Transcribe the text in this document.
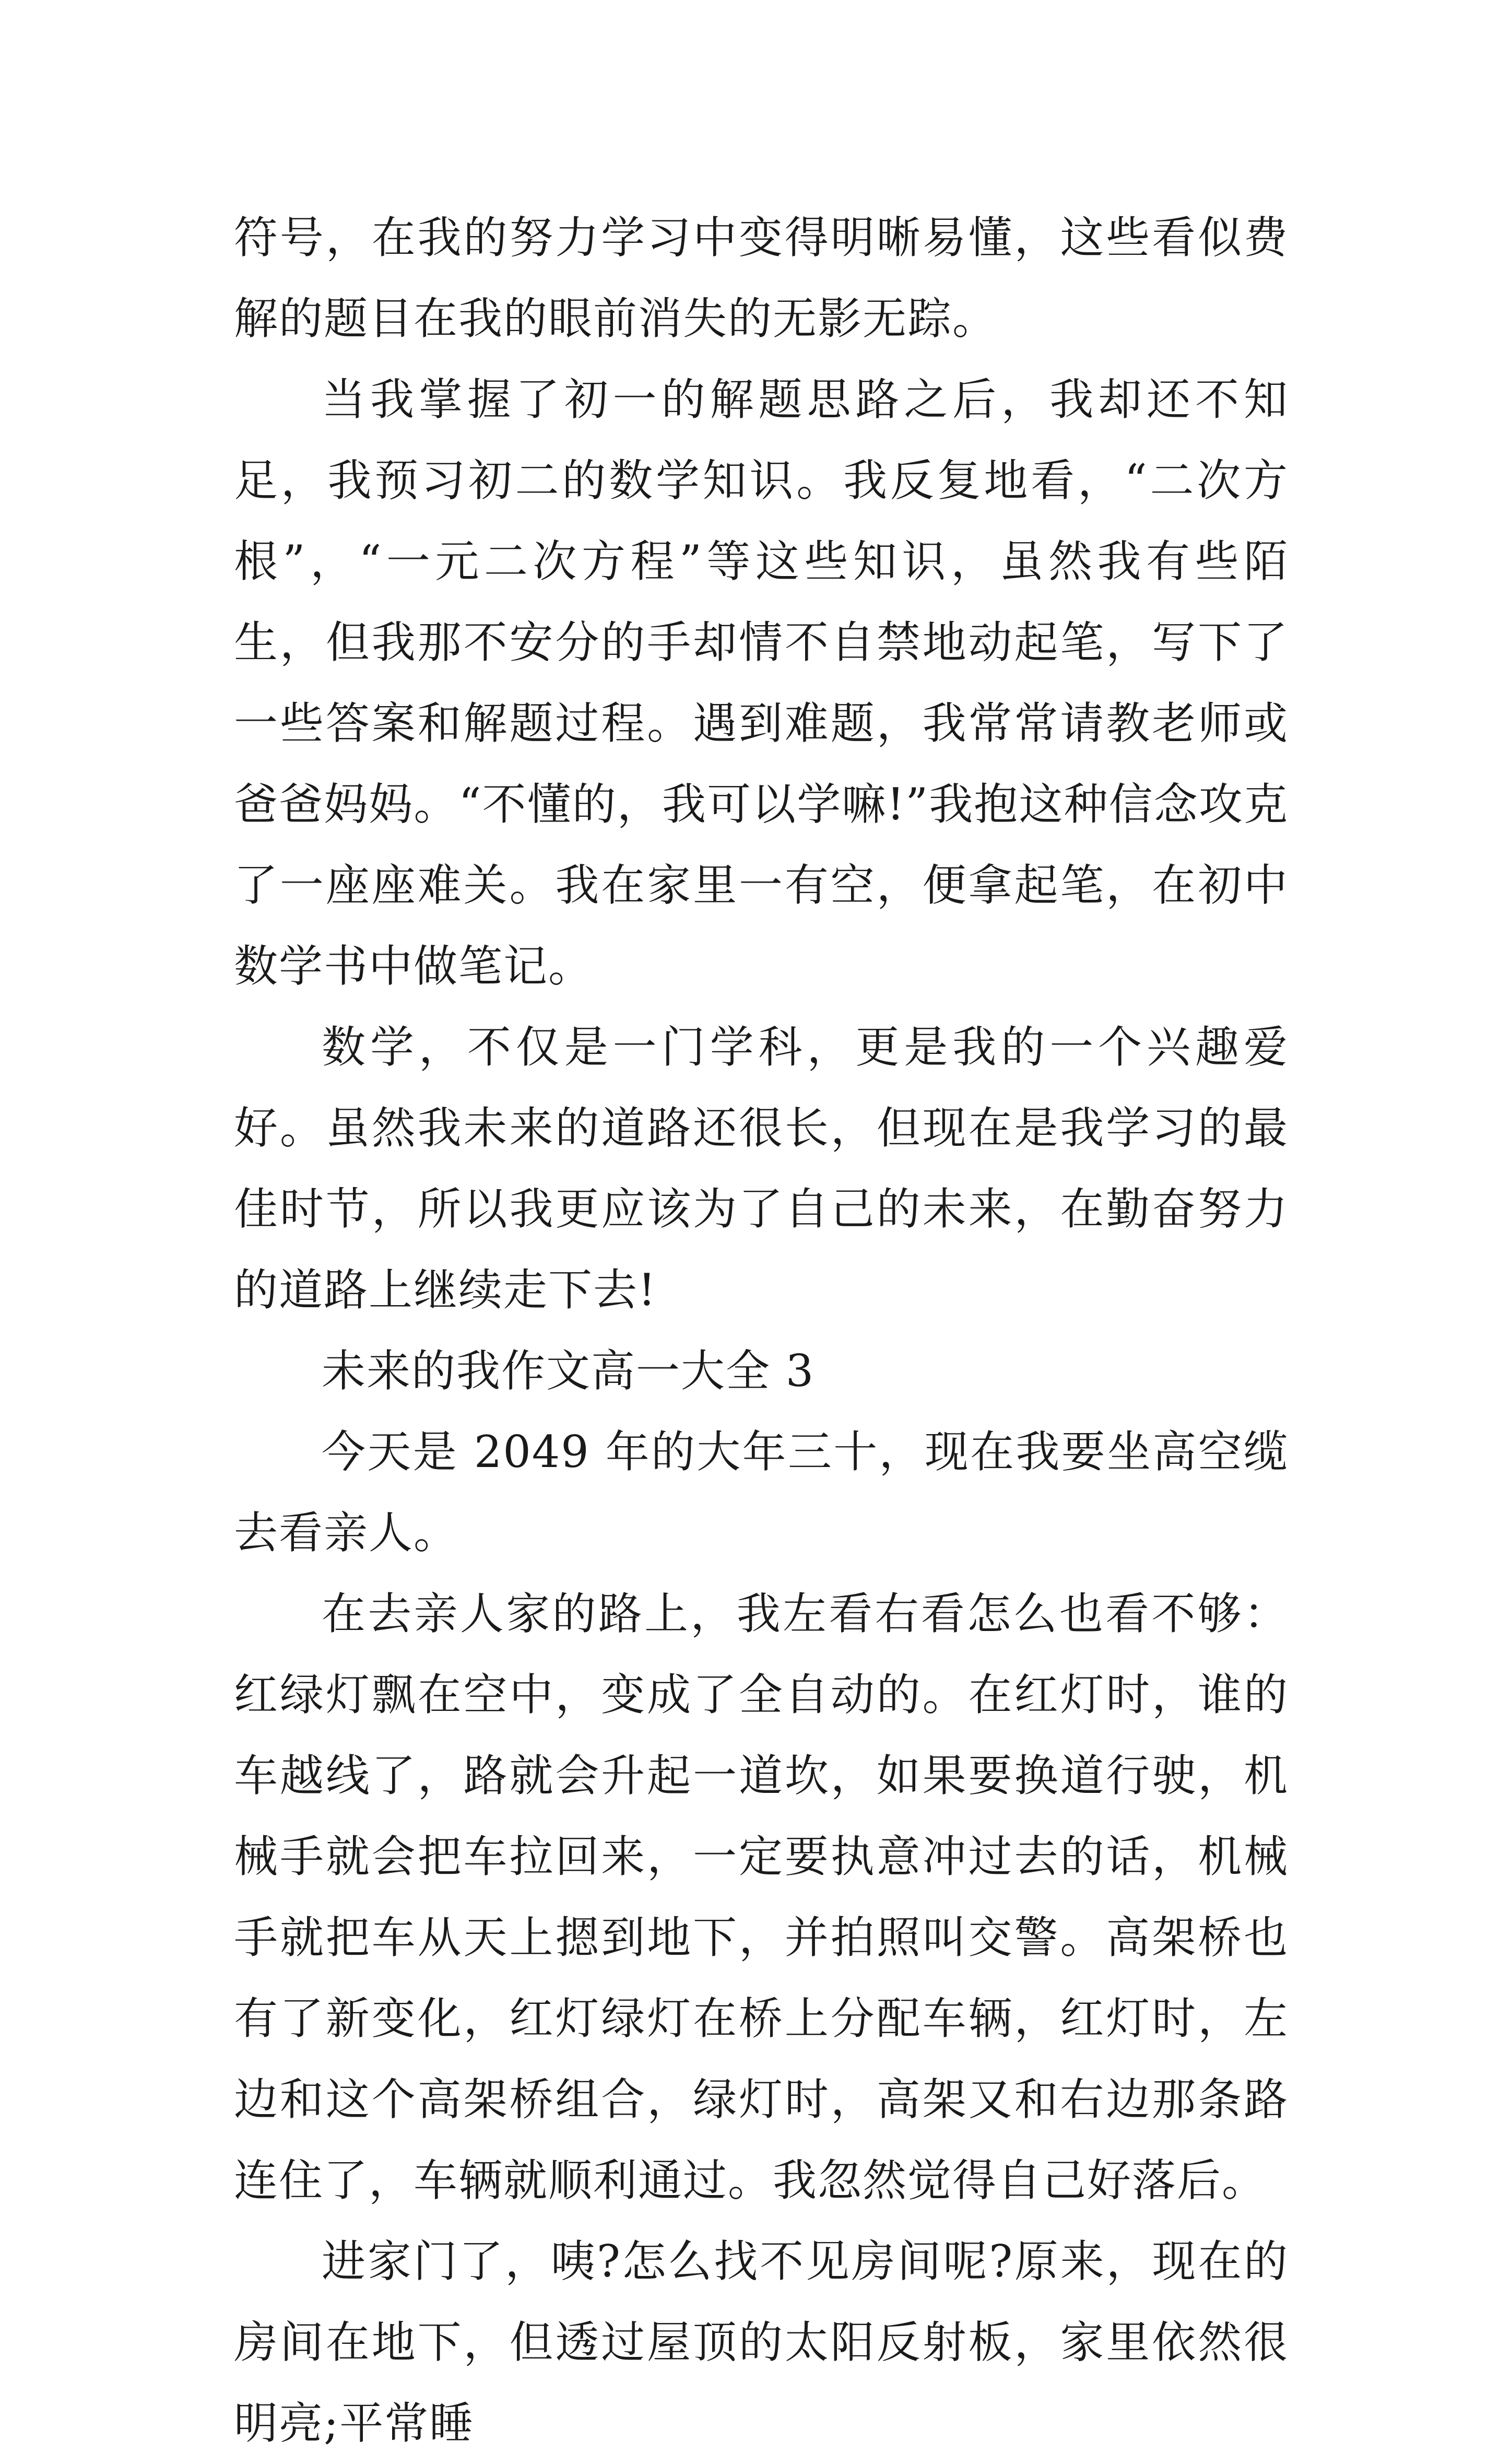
符号，在我的努力学习中变得明晰易懂，这些看似费解的题目在我的眼前消失的无影无踪。

当我掌握了初一的解题思路之后，我却还不知足，我预习初二的数学知识。我反复地看，“二次方根”，“一元二次方程”等这些知识，虽然我有些陌生，但我那不安分的手却情不自禁地动起笔，写下了一些答案和解题过程。遇到难题，我常常请教老师或爸爸妈妈。“不懂的，我可以学嘛!”我抱这种信念攻克了一座座难关。我在家里一有空，便拿起笔，在初中数学书中做笔记。

数学，不仅是一门学科，更是我的一个兴趣爱好。虽然我未来的道路还很长，但现在是我学习的最佳时节，所以我更应该为了自己的未来，在勤奋努力的道路上继续走下去!

未来的我作文高一大全 3

今天是 2049 年的大年三十，现在我要坐高空缆去看亲人。

在去亲人家的路上，我左看右看怎么也看不够：红绿灯飘在空中，变成了全自动的。在红灯时，谁的车越线了，路就会升起一道坎，如果要换道行驶，机械手就会把车拉回来，一定要执意冲过去的话，机械手就把车从天上摁到地下，并拍照叫交警。高架桥也有了新变化，红灯绿灯在桥上分配车辆，红灯时，左边和这个高架桥组合，绿灯时，高架又和右边那条路连住了，车辆就顺利通过。我忽然觉得自己好落后。

进家门了，咦?怎么找不见房间呢?原来，现在的房间在地下，但透过屋顶的太阳反射板，家里依然很明亮;平常睡
